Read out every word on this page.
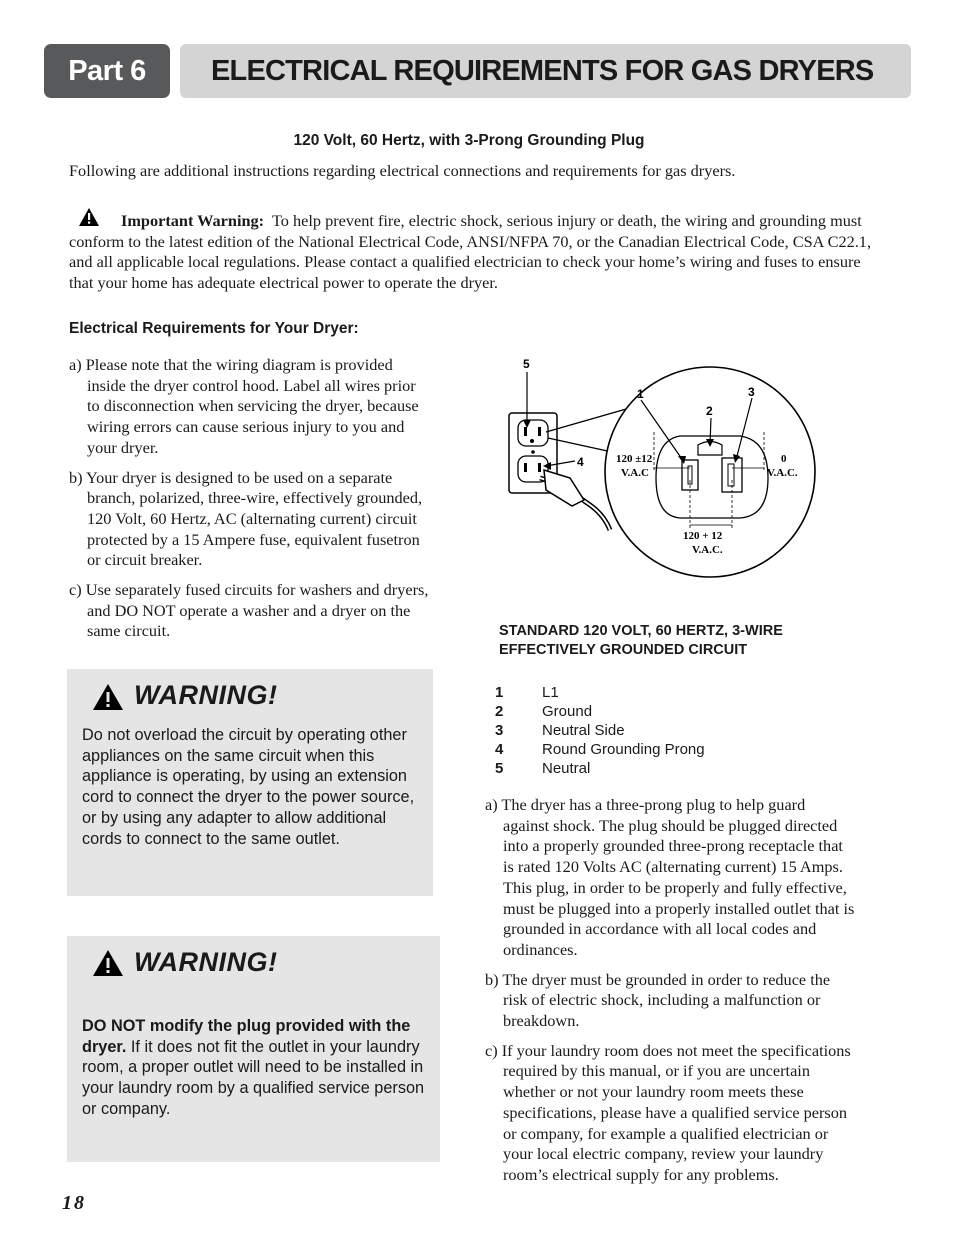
Part 6	ELECTRICAL REQUIREMENTS FOR GAS DRYERS
120 Volt, 60 Hertz, with 3-Prong Grounding Plug
Following are additional instructions regarding electrical connections and requirements for gas dryers.
Important Warning: To help prevent fire, electric shock, serious injury or death, the wiring and grounding must conform to the latest edition of the National Electrical Code, ANSI/NFPA 70, or the Canadian Electrical Code, CSA C22.1, and all applicable local regulations. Please contact a qualified electrician to check your home’s wiring and fuses to ensure that your home has adequate electrical power to operate the dryer.
Electrical Requirements for Your Dryer:

a) Please note that the wiring diagram is provided inside the dryer control hood. Label all wires prior to disconnection when servicing the dryer, because wiring errors can cause serious injury to you and your dryer.

b) Your dryer is designed to be used on a separate branch, polarized, three-wire, effectively grounded, 120 Volt, 60 Hertz, AC (alternating current) circuit protected by a 15 Ampere fuse, equivalent fusetron or circuit breaker.

c) Use separately fused circuits for washers and dryers, and DO NOT operate a washer and a dryer on the same circuit.

WARNING!
Do not overload the circuit by operating other appliances on the same circuit when this appliance is operating, by using an extension cord to connect the dryer to the power source, or by using any adapter to allow additional cords to connect to the same outlet.
WARNING!
DO NOT modify the plug provided with the dryer. If it does not fit the outlet in your laundry room, a proper outlet will need to be installed in your laundry room by a qualified service person or company.
5
1
2
3
4	120 ±12
V.A.C
0
V.A.C.
120 + 12
V.A.C.
STANDARD 120 VOLT, 60 HERTZ, 3-WIRE
EFFECTIVELY GROUNDED CIRCUIT
1	L1
2	Ground
3	Neutral Side
4	Round Grounding Prong
5	Neutral

a) The dryer has a three-prong plug to help guard against shock. The plug should be plugged directed into a properly grounded three-prong receptacle that is rated 120 Volts AC (alternating current) 15 Amps. This plug, in order to be properly and fully effective, must be plugged into a properly installed outlet that is grounded in accordance with all local codes and ordinances.

b) The dryer must be grounded in order to reduce the risk of electric shock, including a malfunction or breakdown.

c) If your laundry room does not meet the specifications required by this manual, or if you are uncertain whether or not your laundry room meets these specifications, please have a qualified service person or company, for example a qualified electrician or your local electric company, review your laundry room’s electrical supply for any problems.

18
